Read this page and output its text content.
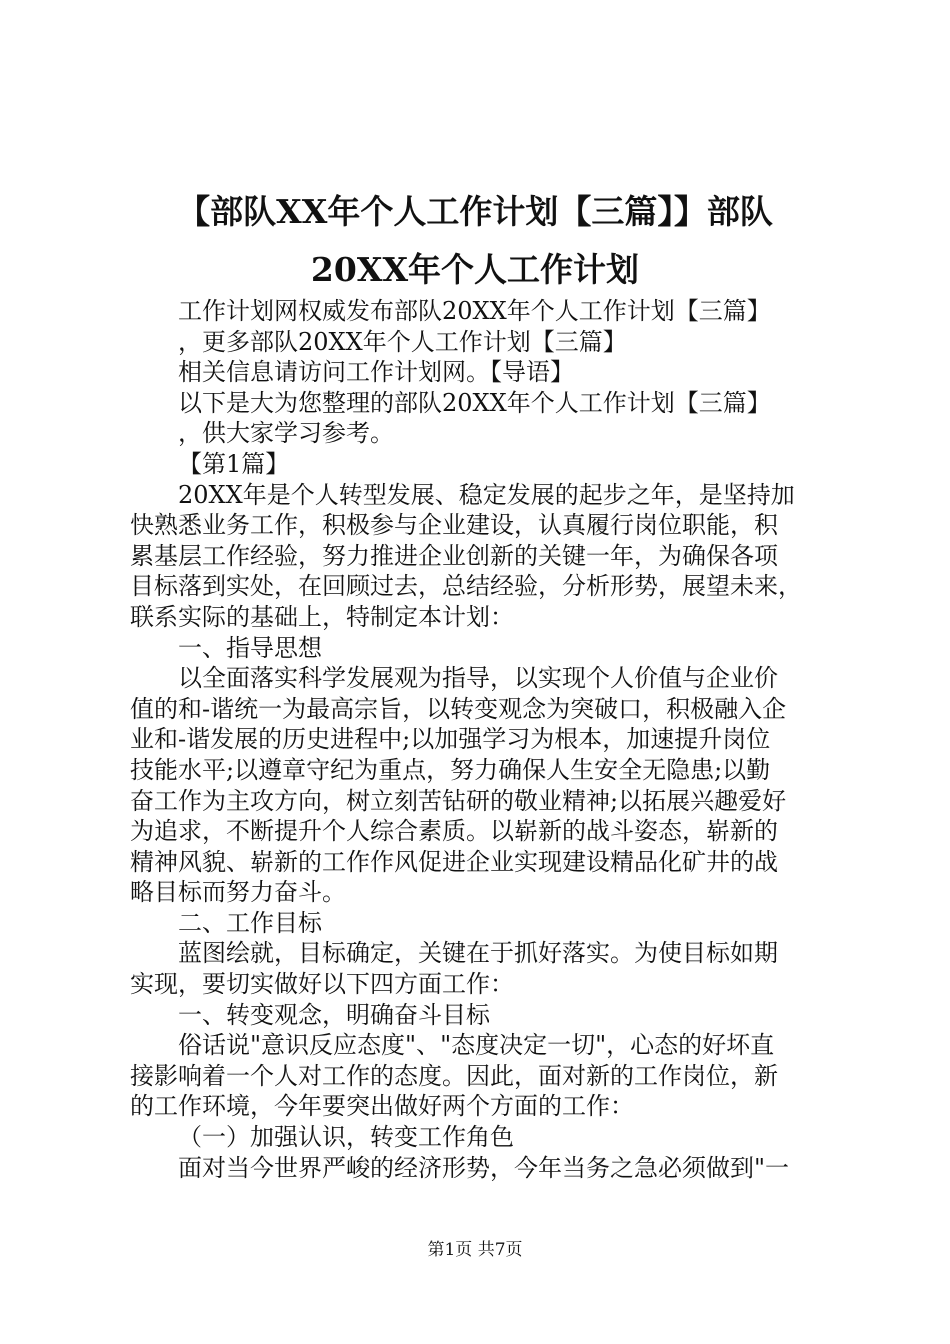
【部队XX年个人工作计划【三篇】】部队
20XX年个人工作计划
工作计划网权威发布部队20XX年个人工作计划【三篇】
，更多部队20XX年个人工作计划【三篇】
相关信息请访问工作计划网。【导语】
以下是大为您整理的部队20XX年个人工作计划【三篇】
，供大家学习参考。
【第1篇】
20XX年是个人转型发展、稳定发展的起步之年，是坚持加
快熟悉业务工作，积极参与企业建设，认真履行岗位职能，积
累基层工作经验，努力推进企业创新的关键一年，为确保各项
目标落到实处，在回顾过去，总结经验，分析形势，展望未来，
联系实际的基础上，特制定本计划：
一、指导思想
以全面落实科学发展观为指导，以实现个人价值与企业价
值的和-谐统一为最高宗旨，以转变观念为突破口，积极融入企
业和-谐发展的历史进程中;以加强学习为根本，加速提升岗位
技能水平;以遵章守纪为重点，努力确保人生安全无隐患;以勤
奋工作为主攻方向，树立刻苦钻研的敬业精神;以拓展兴趣爱好
为追求，不断提升个人综合素质。以崭新的战斗姿态，崭新的
精神风貌、崭新的工作作风促进企业实现建设精品化矿井的战
略目标而努力奋斗。
二、工作目标
蓝图绘就，目标确定，关键在于抓好落实。为使目标如期
实现，要切实做好以下四方面工作：
一、转变观念，明确奋斗目标
俗话说"意识反应态度"、"态度决定一切"，心态的好坏直
接影响着一个人对工作的态度。因此，面对新的工作岗位，新
的工作环境，今年要突出做好两个方面的工作：
（一）加强认识，转变工作角色
面对当今世界严峻的经济形势，今年当务之急必须做到"一
第1页 共7页
